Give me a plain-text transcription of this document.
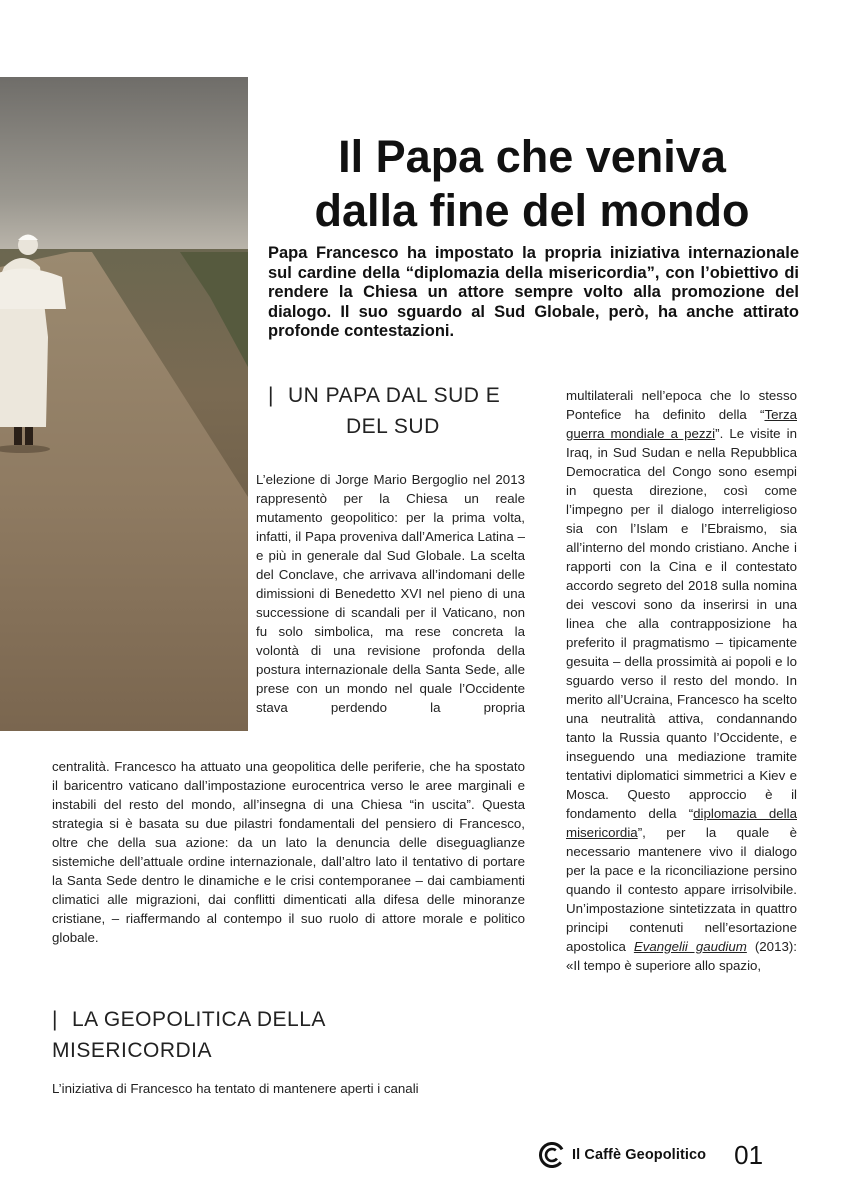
Il Papa che veniva
dalla fine del mondo

Papa Francesco ha impostato la propria iniziativa internazionale sul cardine della “diplomazia della misericordia”, con l’obiettivo di rendere la Chiesa un attore sempre volto alla promozione del dialogo. Il suo sguardo al Sud Globale, però, ha anche attirato profonde contestazioni.

| UN PAPA DAL SUD E
DEL SUD

L’elezione di Jorge Mario Bergoglio nel 2013 rappresentò per la Chiesa un reale mutamento geopolitico: per la prima volta, infatti, il Papa proveniva dall’America Latina – e più in generale dal Sud Globale. La scelta del Conclave, che arrivava all’indomani delle dimissioni di Benedetto XVI nel pieno di una successione di scandali per il Vaticano, non fu solo simbolica, ma rese concreta la volontà di una revisione profonda della postura internazionale della Santa Sede, alle prese con un mondo nel quale l’Occidente stava perdendo la propria

centralità. Francesco ha attuato una geopolitica delle periferie, che ha spostato il baricentro vaticano dall’impostazione eurocentrica verso le aree marginali e instabili del resto del mondo, all’insegna di una Chiesa “in uscita”. Questa strategia si è basata su due pilastri fondamentali del pensiero di Francesco, oltre che della sua azione: da un lato la denuncia delle diseguaglianze sistemiche dell’attuale ordine internazionale, dall’altro lato il tentativo di portare la Santa Sede dentro le dinamiche e le crisi contemporanee – dai cambiamenti climatici alle migrazioni, dai conflitti dimenticati alla difesa delle minoranze cristiane, – riaffermando al contempo il suo ruolo di attore morale e politico globale.

| LA GEOPOLITICA DELLA
MISERICORDIA

L’iniziativa di Francesco ha tentato di mantenere aperti i canali

multilaterali nell’epoca che lo stesso Pontefice ha definito della “Terza guerra mondiale a pezzi”. Le visite in Iraq, in Sud Sudan e nella Repubblica Democratica del Congo sono esempi in questa direzione, così come l’impegno per il dialogo interreligioso sia con l’Islam e l’Ebraismo, sia all’interno del mondo cristiano. Anche i rapporti con la Cina e il contestato accordo segreto del 2018 sulla nomina dei vescovi sono da inserirsi in una linea che alla contrapposizione ha preferito il pragmatismo – tipicamente gesuita – della prossimità ai popoli e lo sguardo verso il resto del mondo. In merito all’Ucraina, Francesco ha scelto una neutralità attiva, condannando tanto la Russia quanto l’Occidente, e inseguendo una mediazione tramite tentativi diplomatici simmetrici a Kiev e Mosca. Questo approccio è il fondamento della “diplomazia della misericordia”, per la quale è necessario mantenere vivo il dialogo per la pace e la riconciliazione persino quando il contesto appare irrisolvibile. Un’impostazione sintetizzata in quattro principi contenuti nell’esortazione apostolica Evangelii gaudium (2013): «Il tempo è superiore allo spazio,

Il Caffè Geopolitico 01
